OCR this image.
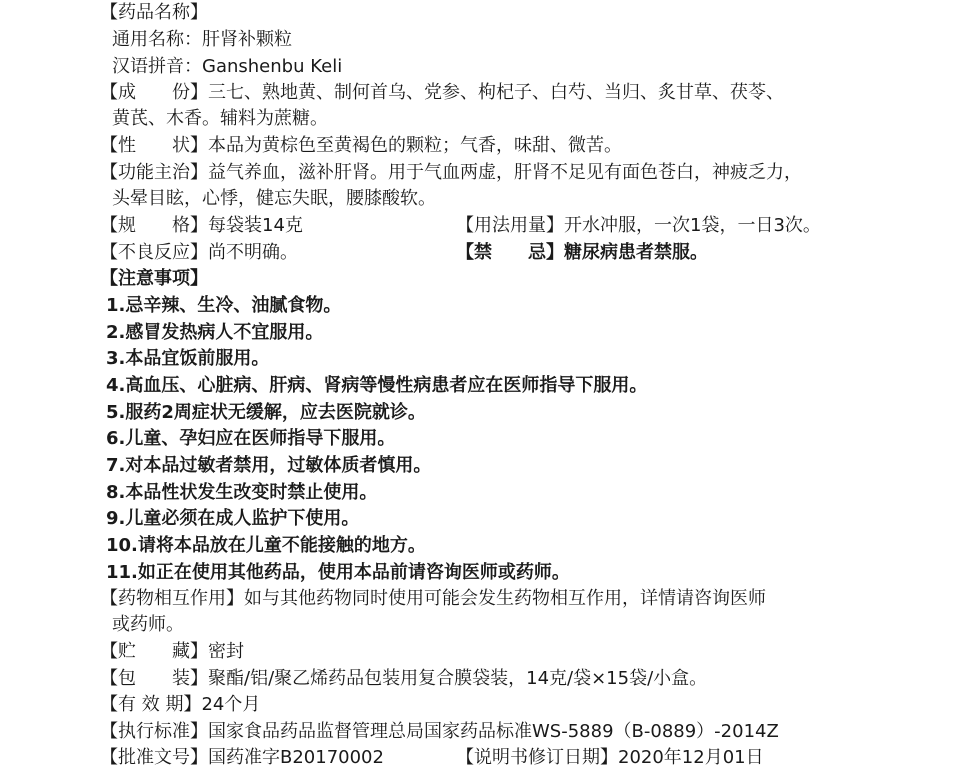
【药品名称】
通用名称：肝肾补颗粒
汉语拼音：Ganshenbu Keli
【成　　份】三七、熟地黄、制何首乌、党参、枸杞子、白芍、当归、炙甘草、茯苓、
黄芪、木香。辅料为蔗糖。
【性　　状】本品为黄棕色至黄褐色的颗粒；气香，味甜、微苦。
【功能主治】益气养血，滋补肝肾。用于气血两虚，肝肾不足见有面色苍白，神疲乏力，
头晕目眩，心悸，健忘失眠，腰膝酸软。
【规　　格】每袋装14克	【用法用量】开水冲服，一次1袋，一日3次。
【不良反应】尚不明确。	【禁　　忌】糖尿病患者禁服。
【注意事项】
1.忌辛辣、生冷、油腻食物。
2.感冒发热病人不宜服用。
3.本品宜饭前服用。
4.高血压、心脏病、肝病、肾病等慢性病患者应在医师指导下服用。
5.服药2周症状无缓解，应去医院就诊。
6.儿童、孕妇应在医师指导下服用。
7.对本品过敏者禁用，过敏体质者慎用。
8.本品性状发生改变时禁止使用。
9.儿童必须在成人监护下使用。
10.请将本品放在儿童不能接触的地方。
11.如正在使用其他药品，使用本品前请咨询医师或药师。
【药物相互作用】如与其他药物同时使用可能会发生药物相互作用，详情请咨询医师
或药师。
【贮　　藏】密封
【包　　装】聚酯/铝/聚乙烯药品包装用复合膜袋装，14克/袋×15袋/小盒。
【有 效 期】24个月
【执行标准】国家食品药品监督管理总局国家药品标准WS-5889（B-0889）-2014Z
【批准文号】国药准字B20170002	【说明书修订日期】2020年12月01日
